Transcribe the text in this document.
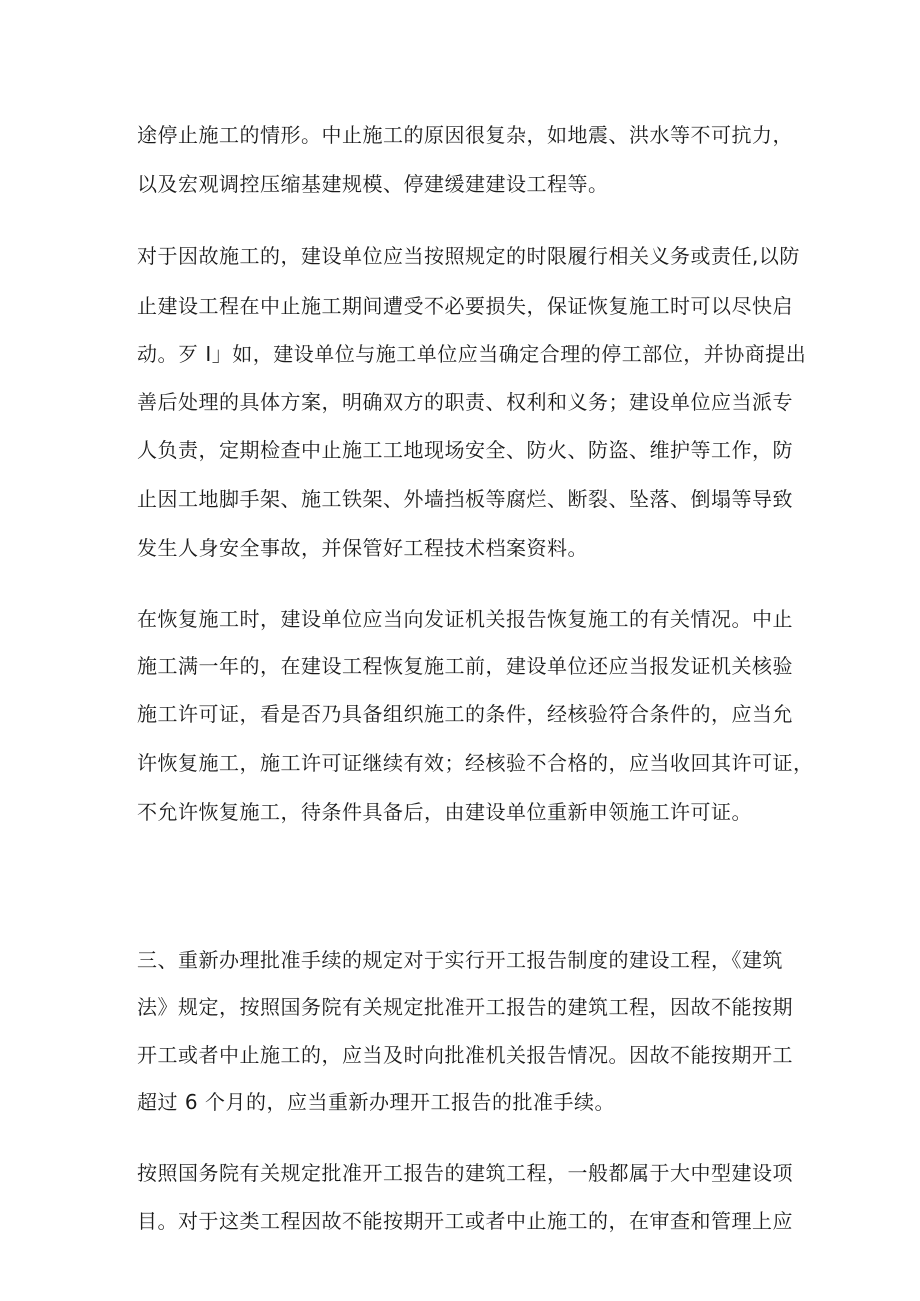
途停止施工的情形。中止施工的原因很复杂，如地震、洪水等不可抗力，
以及宏观调控压缩基建规模、停建缓建建设工程等。
对于因故施工的，建设单位应当按照规定的时限履行相关义务或责任,以防
止建设工程在中止施工期间遭受不必要损失，保证恢复施工时可以尽快启
动。歹 I」如，建设单位与施工单位应当确定合理的停工部位，并协商提出
善后处理的具体方案，明确双方的职责、权利和义务；建设单位应当派专
人负责，定期检查中止施工工地现场安全、防火、防盗、维护等工作，防
止因工地脚手架、施工铁架、外墙挡板等腐烂、断裂、坠落、倒塌等导致
发生人身安全事故，并保管好工程技术档案资料。
在恢复施工时，建设单位应当向发证机关报告恢复施工的有关情况。中止
施工满一年的，在建设工程恢复施工前，建设单位还应当报发证机关核验
施工许可证，看是否乃具备组织施工的条件，经核验符合条件的，应当允
许恢复施工，施工许可证继续有效；经核验不合格的，应当收回其许可证，
不允许恢复施工，待条件具备后，由建设单位重新申领施工许可证。
三、重新办理批准手续的规定对于实行开工报告制度的建设工程，《建筑
法》规定，按照国务院有关规定批准开工报告的建筑工程，因故不能按期
开工或者中止施工的，应当及时向批准机关报告情况。因故不能按期开工
超过 6 个月的，应当重新办理开工报告的批准手续。
按照国务院有关规定批准开工报告的建筑工程，一般都属于大中型建设项
目。对于这类工程因故不能按期开工或者中止施工的，在审查和管理上应
